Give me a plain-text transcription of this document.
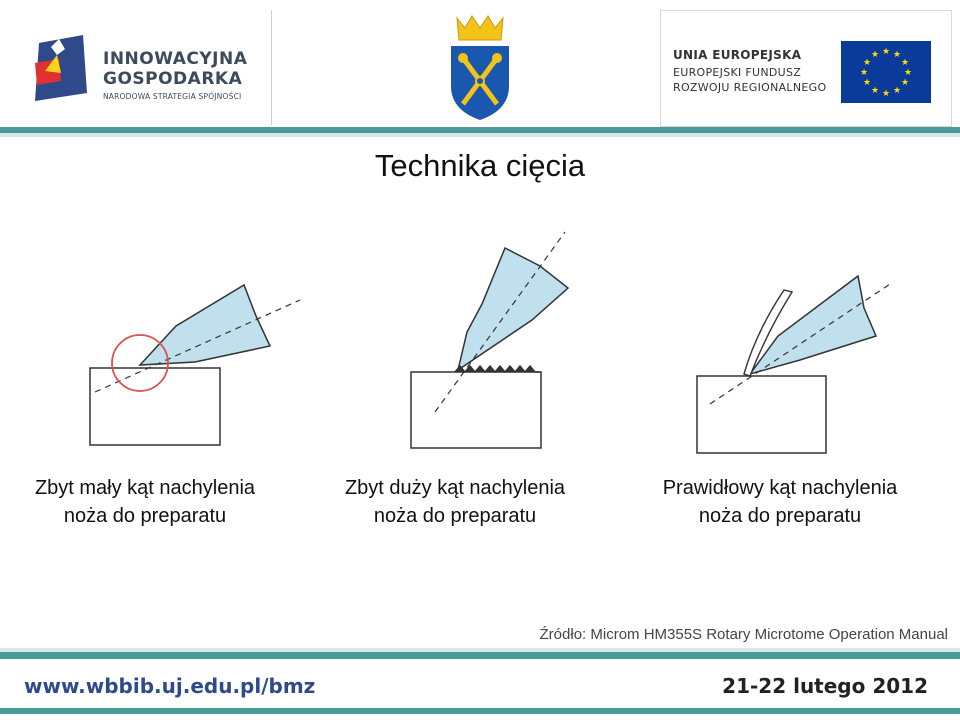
INNOWACYJNA
GOSPODARKA
NARODOWA STRATEGIA SPÓJNOŚCI
UNIA EUROPEJSKA
EUROPEJSKI FUNDUSZ
ROZWOJU REGIONALNEGO
★ ★
★
★
★
★
★
★
★
★
★
★
Technika cięcia
Zbyt mały kąt nachylenia
noża do preparatu
Zbyt duży kąt nachylenia
noża do preparatu
Prawidłowy kąt nachylenia
noża do preparatu
Źródło: Microm HM355S Rotary Microtome Operation Manual
www.wbbib.uj.edu.pl/bmz	21-22 lutego 2012
